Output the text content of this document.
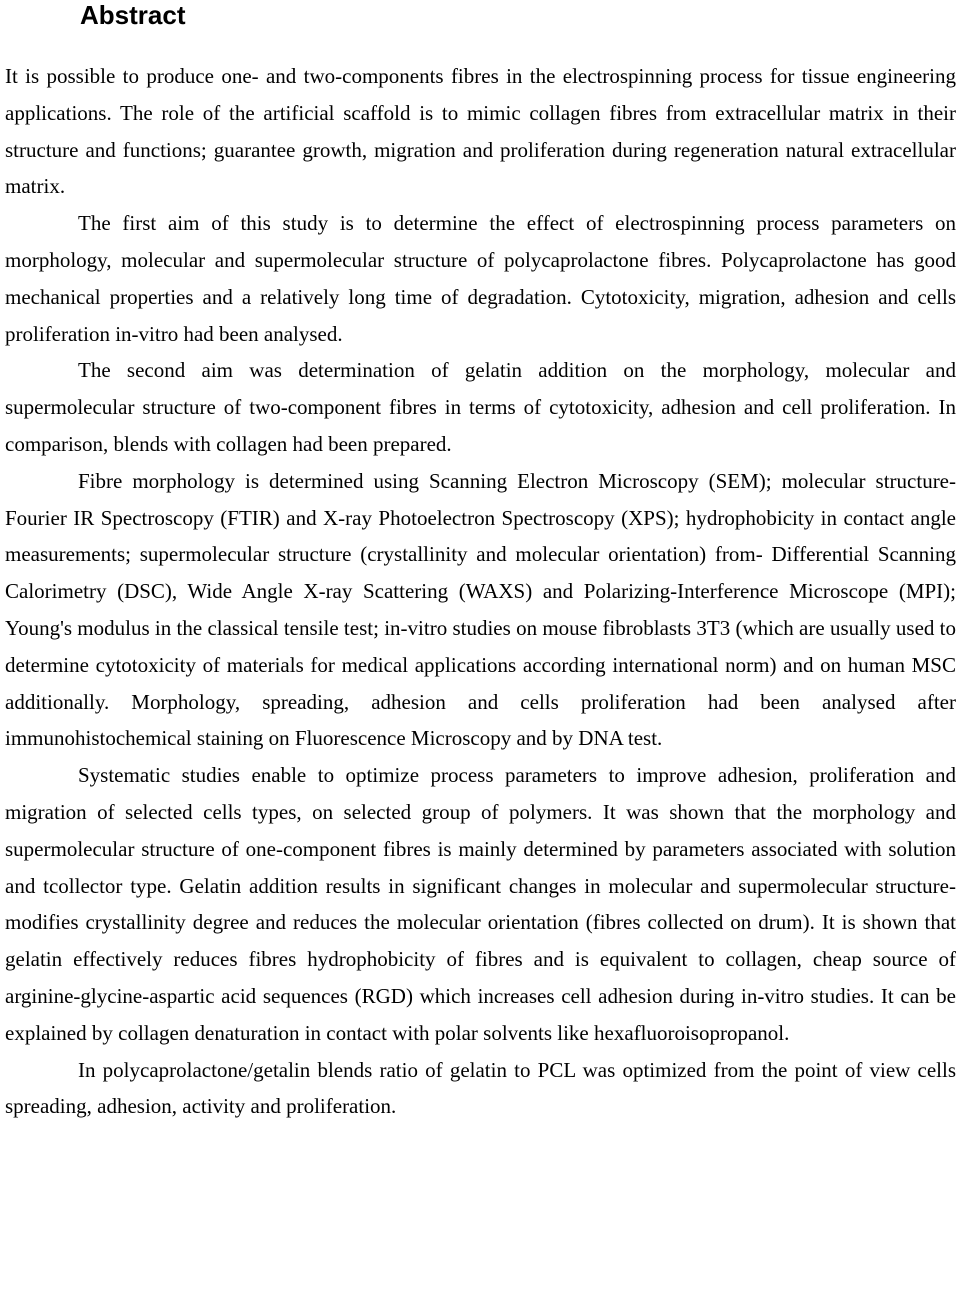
Abstract

It is possible to produce one- and two-components fibres in the electrospinning process for tissue engineering applications. The role of the artificial scaffold is to mimic collagen fibres from extracellular matrix in their structure and functions; guarantee growth, migration and proliferation during regeneration natural extracellular matrix.

The first aim of this study is to determine the effect of electrospinning process parameters on morphology, molecular and supermolecular structure of polycaprolactone fibres. Polycaprolactone has good mechanical properties and a relatively long time of degradation. Cytotoxicity, migration, adhesion and cells proliferation in-vitro had been analysed.

The second aim was determination of gelatin addition on the morphology, molecular and supermolecular structure of two-component fibres in terms of cytotoxicity, adhesion and cell proliferation. In comparison, blends with collagen had been prepared.

Fibre morphology is determined using Scanning Electron Microscopy (SEM); molecular structure- Fourier IR Spectroscopy (FTIR) and X-ray Photoelectron Spectroscopy (XPS); hydrophobicity in contact angle measurements; supermolecular structure (crystallinity and molecular orientation) from- Differential Scanning Calorimetry (DSC), Wide Angle X-ray Scattering (WAXS) and Polarizing-Interference Microscope (MPI); Young's modulus in the classical tensile test; in-vitro studies on mouse fibroblasts 3T3 (which are usually used to determine cytotoxicity of materials for medical applications according international norm) and on human MSC additionally. Morphology, spreading, adhesion and cells proliferation had been analysed after immunohistochemical staining on Fluorescence Microscopy and by DNA test.

Systematic studies enable to optimize process parameters to improve adhesion, proliferation and migration of selected cells types, on selected group of polymers. It was shown that the morphology and supermolecular structure of one-component fibres is mainly determined by parameters associated with solution and tcollector type. Gelatin addition results in significant changes in molecular and supermolecular structure- modifies crystallinity degree and reduces the molecular orientation (fibres collected on drum). It is shown that gelatin effectively reduces fibres hydrophobicity of fibres and is equivalent to collagen, cheap source of arginine-glycine-aspartic acid sequences (RGD) which increases cell adhesion during in-vitro studies. It can be explained by collagen denaturation in contact with polar solvents like hexafluoroisopropanol.

In polycaprolactone/getalin blends ratio of gelatin to PCL was optimized from the point of view cells spreading, adhesion, activity and proliferation.
